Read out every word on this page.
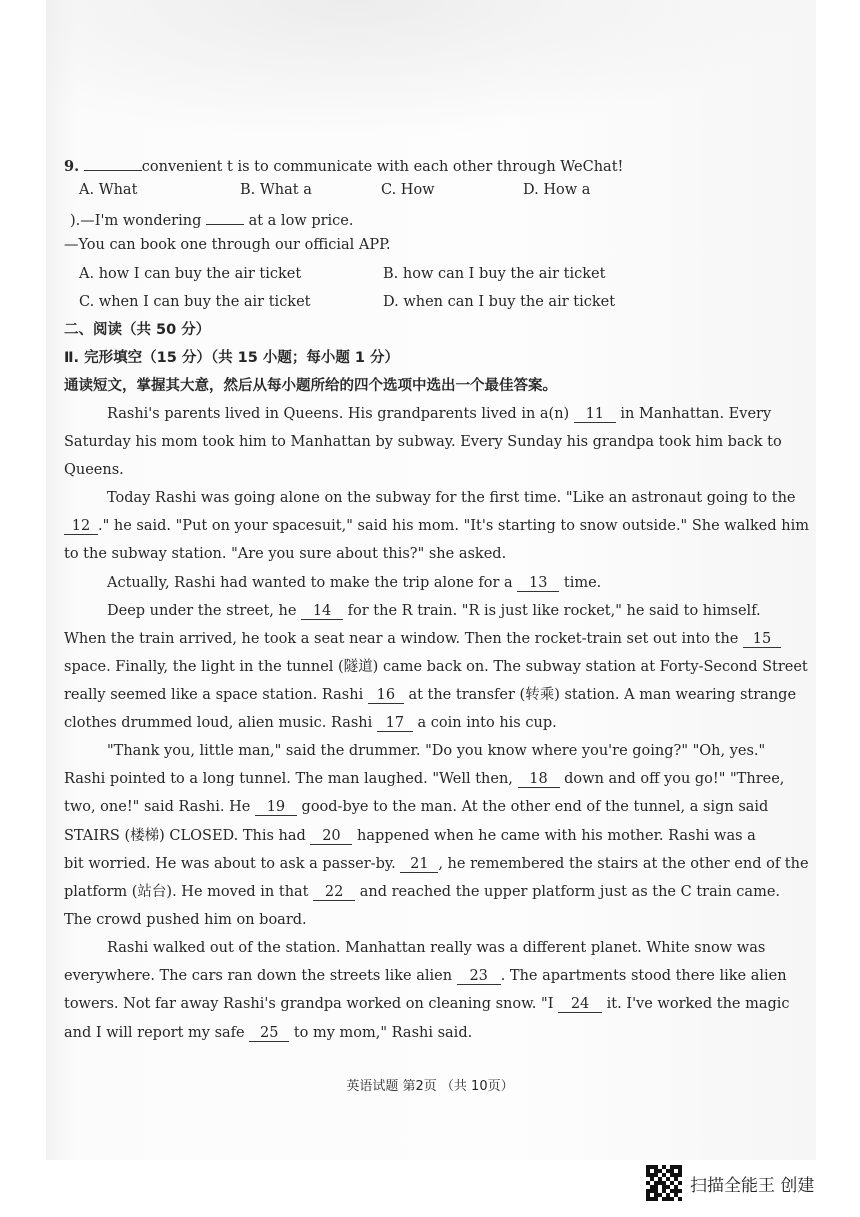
9.	convenient t is to communicate with each other through WeChat!
A. What	B. What a	C. How	D. How a
).—I'm wondering	at a low price.
—You can book one through our official APP.
A. how I can buy the air ticket	B. how can I buy the air ticket
C. when I can buy the air ticket	D. when can I buy the air ticket
二、阅读（共 50 分）
Ⅱ. 完形填空（15 分）（共 15 小题；每小题 1 分）
通读短文，掌握其大意，然后从每小题所给的四个选项中选出一个最佳答案。
Rashi's parents lived in Queens. His grandparents lived in a(n) 11 in Manhattan. Every
Saturday his mom took him to Manhattan by subway. Every Sunday his grandpa took him back to
Queens.
Today Rashi was going alone on the subway for the first time. "Like an astronaut going to the
12 ." he said. "Put on your spacesuit," said his mom. "It's starting to snow outside." She walked him
to the subway station. "Are you sure about this?" she asked.
Actually, Rashi had wanted to make the trip alone for a 13 time.
Deep under the street, he 14 for the R train. "R is just like rocket," he said to himself.
When the train arrived, he took a seat near a window. Then the rocket-train set out into the 15
space. Finally, the light in the tunnel (隧道) came back on. The subway station at Forty-Second Street
really seemed like a space station. Rashi 16 at the transfer (转乘) station. A man wearing strange
clothes drummed loud, alien music. Rashi 17 a coin into his cup.
"Thank you, little man," said the drummer. "Do you know where you're going?" "Oh, yes."
Rashi pointed to a long tunnel. The man laughed. "Well then, 18 down and off you go!" "Three,
two, one!" said Rashi. He 19 good-bye to the man. At the other end of the tunnel, a sign said
STAIRS (楼梯) CLOSED. This had 20 happened when he came with his mother. Rashi was a
bit worried. He was about to ask a passer-by. 21 , he remembered the stairs at the other end of the
platform (站台). He moved in that 22 and reached the upper platform just as the C train came.
The crowd pushed him on board.
Rashi walked out of the station. Manhattan really was a different planet. White snow was
everywhere. The cars ran down the streets like alien 23 . The apartments stood there like alien
towers. Not far away Rashi's grandpa worked on cleaning snow. "I 24 it. I've worked the magic
and I will report my safe 25 to my mom," Rashi said.
英语试题 第2页 （共 10页）
扫描全能王 创建
